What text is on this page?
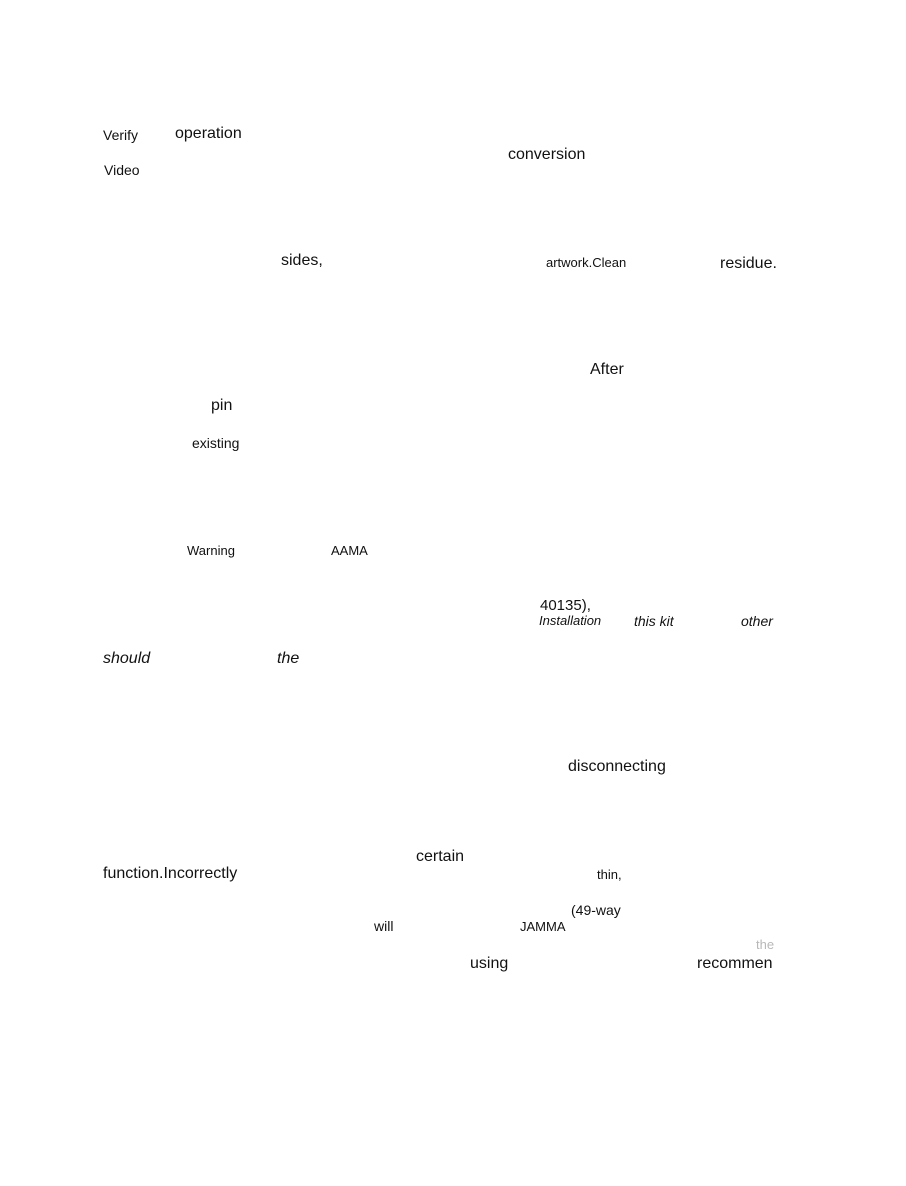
Verify operation
conversion
Video
sides,	artwork.Clean	residue.
After
pin
existing
Warning	AAMA
40135),
Installation this kit	other
should	the
disconnecting
certain
function.Incorrectly	thin,
(49-way
will	JAMMA
the
using	recommen
